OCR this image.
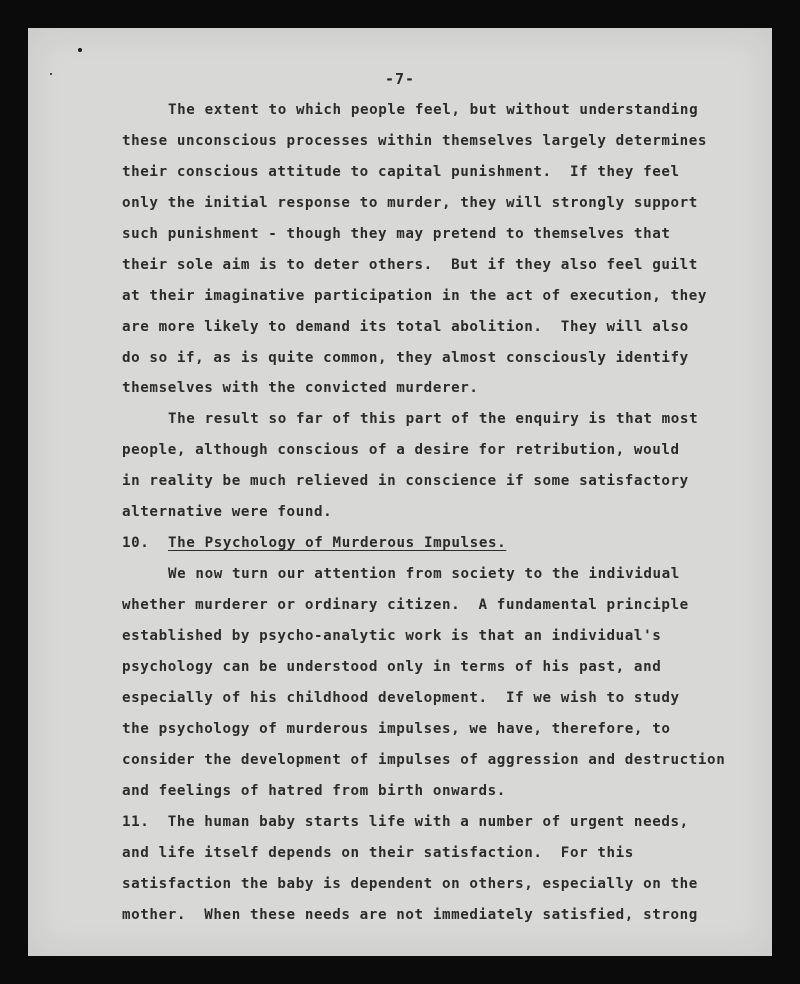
-7-
The extent to which people feel, but without understanding
these unconscious processes within themselves largely determines
their conscious attitude to capital punishment.  If they feel
only the initial response to murder, they will strongly support
such punishment - though they may pretend to themselves that
their sole aim is to deter others.  But if they also feel guilt
at their imaginative participation in the act of execution, they
are more likely to demand its total abolition.  They will also
do so if, as is quite common, they almost consciously identify
themselves with the convicted murderer.
The result so far of this part of the enquiry is that most
people, although conscious of a desire for retribution, would
in reality be much relieved in conscience if some satisfactory
alternative were found.
10. The Psychology of Murderous Impulses.
We now turn our attention from society to the individual
whether murderer or ordinary citizen.  A fundamental principle
established by psycho-analytic work is that an individual's
psychology can be understood only in terms of his past, and
especially of his childhood development.  If we wish to study
the psychology of murderous impulses, we have, therefore, to
consider the development of impulses of aggression and destruction
and feelings of hatred from birth onwards.
11.  The human baby starts life with a number of urgent needs,
and life itself depends on their satisfaction.  For this
satisfaction the baby is dependent on others, especially on the
mother.  When these needs are not immediately satisfied, strong
